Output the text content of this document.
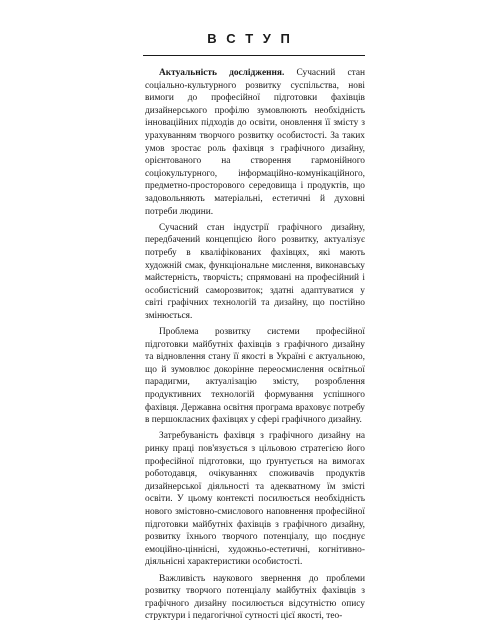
В С Т У П

Актуальність дослідження. Сучасний стан соціально-культурного розвитку суспільства, нові вимоги до професійної підготовки фахівців дизайнерського профілю зумовлюють необхідність інноваційних підходів до освіти, оновлення її змісту з урахуванням творчого розвитку особистості. За таких умов зростає роль фахівця з графічного дизайну, орієнтованого на створення гармонійного соціокультурного, інформаційно-комунікаційного, предметно-просторового середовища і продуктів, що задовольняють матеріальні, естетичні й духовні потреби людини.

Сучасний стан індустрії графічного дизайну, передбачений концепцією його розвитку, актуалізує потребу в кваліфікованих фахівцях, які мають художній смак, функціональне мислення, виконавську майстерність, творчість; спрямовані на професійний і особистісний саморозвиток; здатні адаптуватися у світі графічних технологій та дизайну, що постійно змінюється.

Проблема розвитку системи професійної підготовки майбутніх фахівців з графічного дизайну та відновлення стану її якості в Україні є актуальною, що й зумовлює докорінне переосмислення освітньої парадигми, актуалізацію змісту, розроблення продуктивних технологій формування успішного фахівця. Державна освітня програма враховує потребу в першокласних фахівцях у сфері графічного дизайну.

Затребуваність фахівця з графічного дизайну на ринку праці пов'язується з цільовою стратегією його професійної підготовки, що ґрунтується на вимогах роботодавця, очікуваннях споживачів продуктів дизайнерської діяльності та адекватному їм змісті освіти. У цьому контексті посилюється необхідність нового змістовно-смислового наповнення професійної підготовки майбутніх фахівців з графічного дизайну, розвитку їхнього творчого потенціалу, що поєднує емоційно-ціннісні, художньо-естетичні, когнітивно-діяльнісні характеристики особистості.

Важливість наукового звернення до проблеми розвитку творчого потенціалу майбутніх фахівців з графічного дизайну посилюється відсутністю опису структури і педагогічної сутності цієї якості, тео-
